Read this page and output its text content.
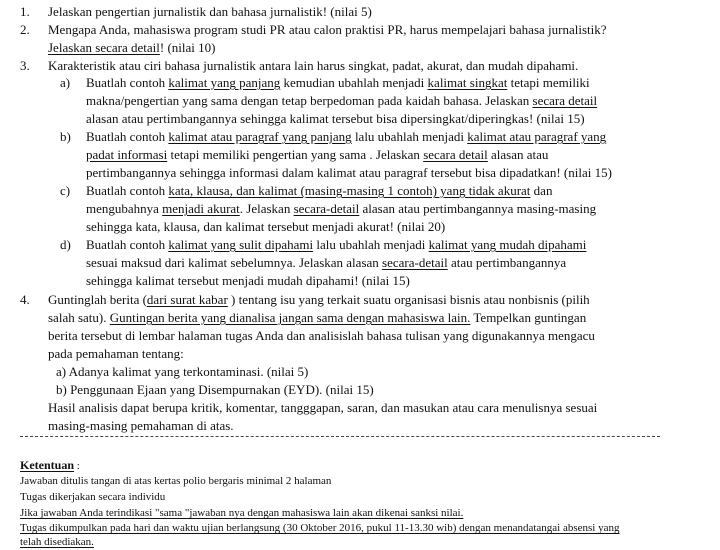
1. Jelaskan pengertian jurnalistik dan bahasa jurnalistik! (nilai 5)

2. Mengapa Anda, mahasiswa program studi PR atau calon praktisi PR, harus mempelajari bahasa jurnalistik?

Jelaskan secara detail! (nilai 10)

3. Karakteristik atau ciri bahasa jurnalistik antara lain harus singkat, padat, akurat, dan mudah dipahami.

a) Buatlah contoh kalimat yang panjang kemudian ubahlah menjadi kalimat singkat tetapi memiliki

makna/pengertian yang sama dengan tetap berpedoman pada kaidah bahasa. Jelaskan secara detail

alasan atau pertimbangannya sehingga kalimat tersebut bisa dipersingkat/diperingkas! (nilai 15)

b) Buatlah contoh kalimat atau paragraf yang panjang lalu ubahlah menjadi kalimat atau paragraf yang

padat informasi tetapi memiliki pengertian yang sama . Jelaskan secara detail alasan atau

pertimbangannya sehingga informasi dalam kalimat atau paragraf tersebut bisa dipadatkan! (nilai 15)

c) Buatlah contoh kata, klausa, dan kalimat (masing-masing 1 contoh) yang tidak akurat dan

mengubahnya menjadi akurat. Jelaskan secara-detail alasan atau pertimbangannya masing-masing

sehingga kata, klausa, dan kalimat tersebut menjadi akurat! (nilai 20)

d) Buatlah contoh kalimat yang sulit dipahami lalu ubahlah menjadi kalimat yang mudah dipahami

sesuai maksud dari kalimat sebelumnya. Jelaskan alasan secara-detail atau pertimbangannya

sehingga kalimat tersebut menjadi mudah dipahami! (nilai 15)

4. Guntinglah berita (dari surat kabar ) tentang isu yang terkait suatu organisasi bisnis atau nonbisnis (pilih

salah satu). Guntingan berita yang dianalisa jangan sama dengan mahasiswa lain. Tempelkan guntingan

berita tersebut di lembar halaman tugas Anda dan analisislah bahasa tulisan yang digunakannya mengacu

pada pemahaman tentang:

a) Adanya kalimat yang terkontaminasi. (nilai 5)

b) Penggunaan Ejaan yang Disempurnakan (EYD). (nilai 15)

Hasil analisis dapat berupa kritik, komentar, tangggapan, saran, dan masukan atau cara menulisnya sesuai

masing-masing pemahaman di atas.

Ketentuan :

Jawaban ditulis tangan di atas kertas polio bergaris minimal 2 halaman

Tugas dikerjakan secara individu

Jika jawaban Anda terindikasi "sama "jawaban nya dengan mahasiswa lain akan dikenai sanksi nilai.

Tugas dikumpulkan pada hari dan waktu ujian berlangsung (30 Oktober 2016, pukul 11-13.30 wib) dengan menandatangai absensi yang

telah disediakan.
